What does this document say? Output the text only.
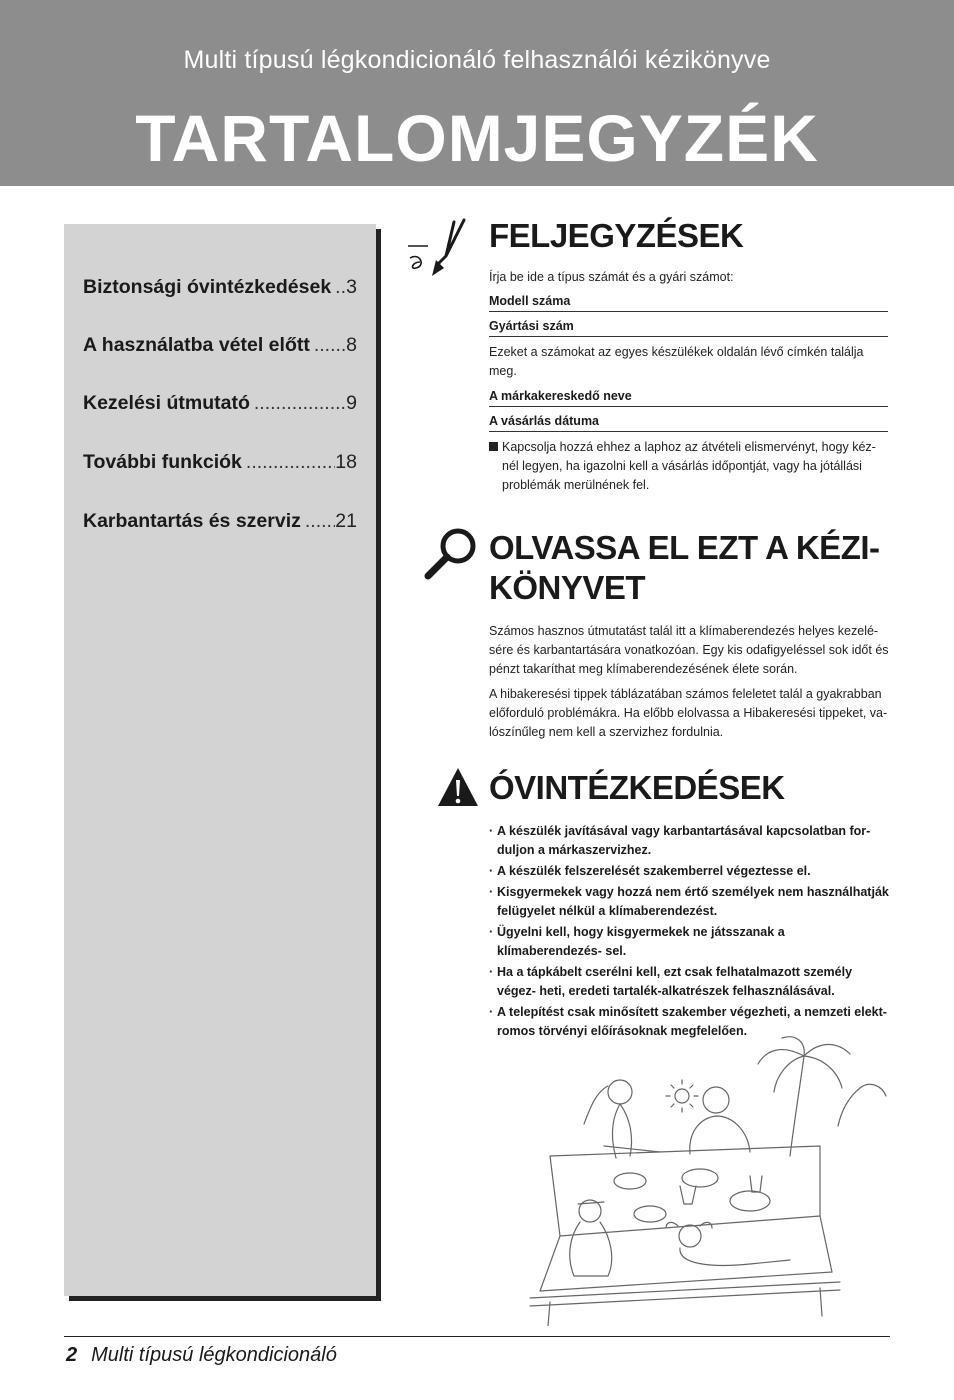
Multi típusú légkondicionáló felhasználói kézikönyve
TARTALOMJEGYZÉK
Biztonsági óvintézkedések ..... 3
A használatba vétel előtt ..... 8
Kezelési útmutató .....	9
További funkciók .....	18
Karbantartás és szerviz ..... 21
FELJEGYZÉSEK
Írja be ide a típus számát és a gyári számot:
Modell száma
Gyártási szám
Ezeket a számokat az egyes készülékek oldalán lévő címkén találja meg.
A márkakereskedő neve
A vásárlás dátuma
Kapcsolja hozzá ehhez a laphoz az átvételi elismervényt, hogy kéz- nél legyen, ha igazolni kell a vásárlás időpontját, vagy ha jótállási problémák merülnének fel.
OLVASSA EL EZT A KÉZI-
KÖNYVET
Számos hasznos útmutatást talál itt a klímaberendezés helyes kezelé- sére és karbantartására vonatkozóan. Egy kis odafigyeléssel sok időt és pénzt takaríthat meg klímaberendezésének élete során.
A hibakeresési tippek táblázatában számos feleletet talál a gyakrabban előforduló problémákra. Ha előbb elolvassa a Hibakeresési tippeket, va- lószínűleg nem kell a szervizhez fordulnia.
ÓVINTÉZKEDÉSEK
· A készülék javításával vagy karbantartásával kapcsolatban for- duljon a márkaszervizhez.
· A készülék felszerelését szakemberrel végeztesse el.
· Kisgyermekek vagy hozzá nem értő személyek nem használhatják felügyelet nélkül a klímaberendezést.
· Ügyelni kell, hogy kisgyermekek ne játsszanak a klímaberendezés- sel.
· Ha a tápkábelt cserélni kell, ezt csak felhatalmazott személy végez- heti, eredeti tartalék-alkatrészek felhasználásával.
· A telepítést csak minősített szakember végezheti, a nemzeti elekt- romos törvényi előírásoknak megfelelően.
2 Multi típusú légkondicionáló
